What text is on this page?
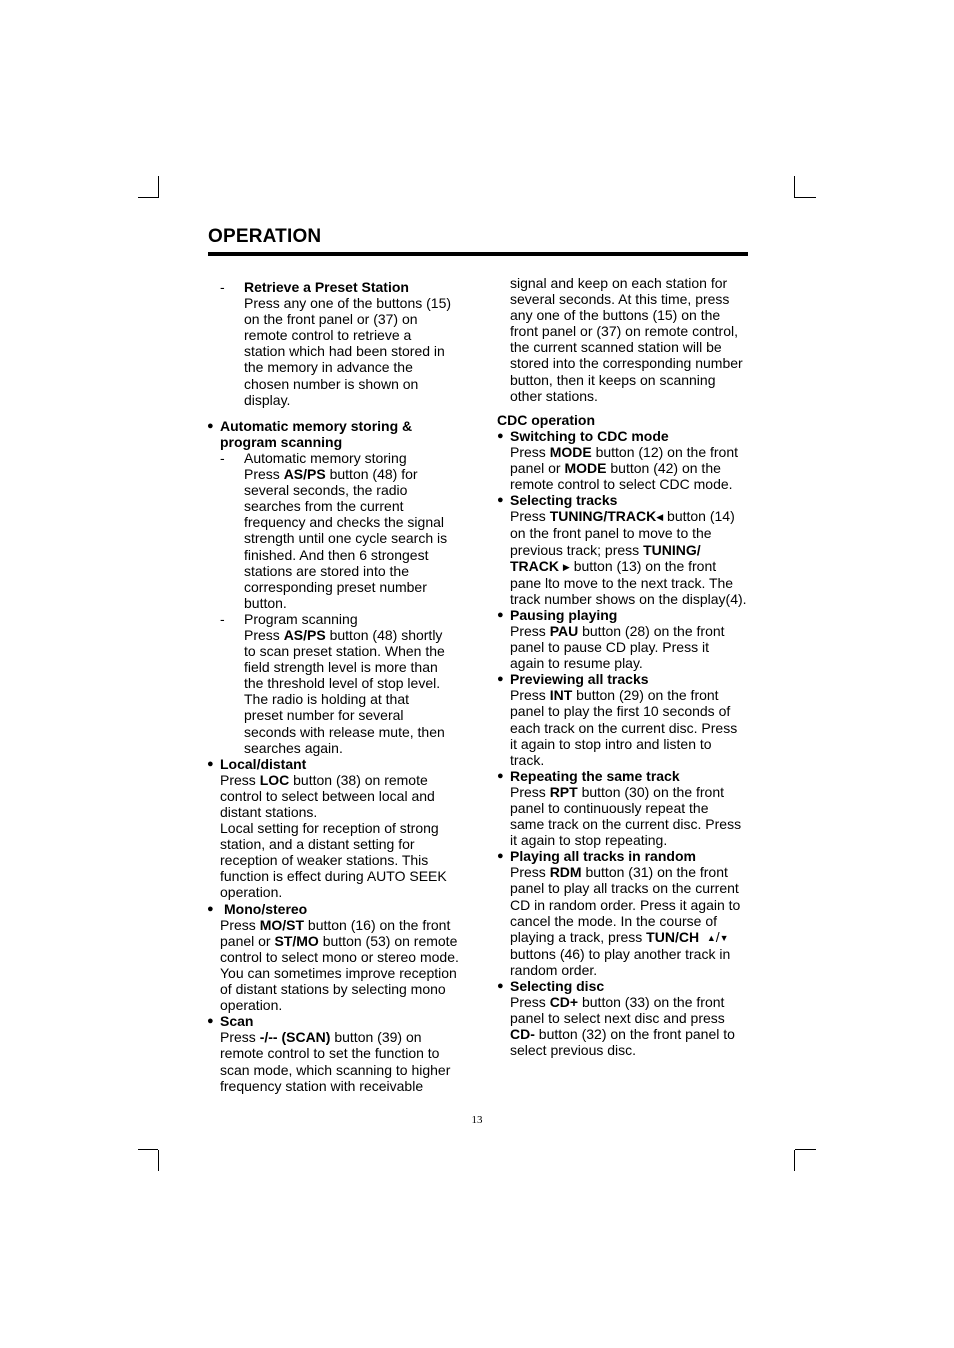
OPERATION
- Retrieve a Preset Station
Press any one of the buttons (15)
on the front panel or (37) on
remote control to retrieve a
station which had been stored in
the memory in advance the
chosen number is shown on
display.
● Automatic memory storing &
program scanning
- Automatic memory storing
Press AS/PS button (48) for
several seconds, the radio
searches from the current
frequency and checks the signal
strength until one cycle search is
finished. And then 6 strongest
stations are stored into the
corresponding preset number
button.
- Program scanning
Press AS/PS button (48) shortly
to scan preset station. When the
field strength level is more than
the threshold level of stop level.
The radio is holding at that
preset number for several
seconds with release mute, then
searches again.
● Local/distant
Press LOC button (38) on remote
control to select between local and
distant stations.
Local setting for reception of strong
station, and a distant setting for
reception of weaker stations. This
function is effect during AUTO SEEK
operation.
● Mono/stereo
Press MO/ST button (16) on the front
panel or ST/MO button (53) on remote
control to select mono or stereo mode.
You can sometimes improve reception
of distant stations by selecting mono
operation.
● Scan
Press -/-- (SCAN) button (39) on
remote control to set the function to
scan mode, which scanning to higher
frequency station with receivable
signal and keep on each station for
several seconds. At this time, press
any one of the buttons (15) on the
front panel or (37) on remote control,
the current scanned station will be
stored into the corresponding number
button, then it keeps on scanning
other stations.
CDC operation
● Switching to CDC mode
Press MODE button (12) on the front
panel or MODE button (42) on the
remote control to select CDC mode.
● Selecting tracks
Press TUNING/TRACK◀ button (14)
on the front panel to move to the
previous track; press TUNING/
TRACK ▶ button (13) on the front
pane lto move to the next track. The
track number shows on the display(4).
● Pausing playing
Press PAU button (28) on the front
panel to pause CD play. Press it
again to resume play.
● Previewing all tracks
Press INT button (29) on the front
panel to play the first 10 seconds of
each track on the current disc. Press
it again to stop intro and listen to
track.
● Repeating the same track
Press RPT button (30) on the front
panel to continuously repeat the
same track on the current disc. Press
it again to stop repeating.
● Playing all tracks in random
Press RDM button (31) on the front
panel to play all tracks on the current
CD in random order. Press it again to
cancel the mode. In the course of
playing a track, press TUN/CH ▲/▼
buttons (46) to play another track in
random order.
● Selecting disc
Press CD+ button (33) on the front
panel to select next disc and press
CD- button (32) on the front panel to
select previous disc.
13
